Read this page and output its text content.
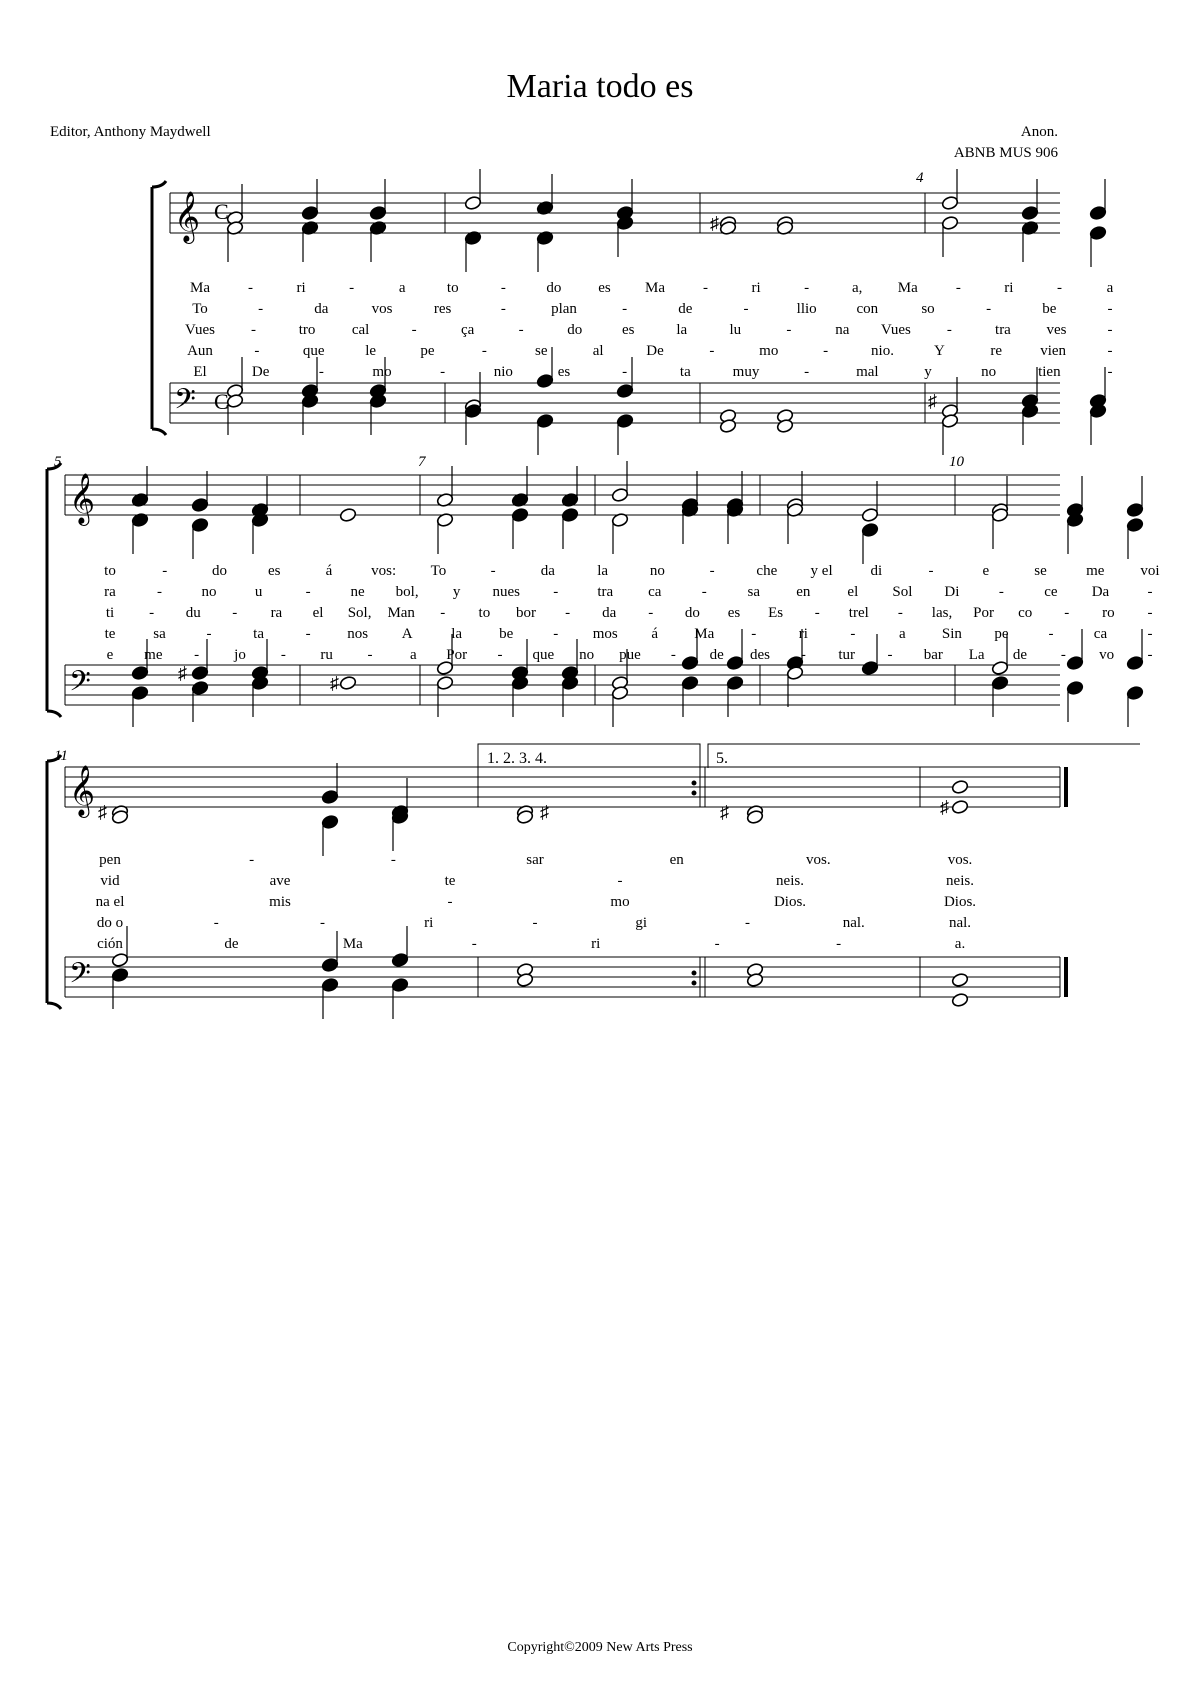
Maria todo es
Editor, Anthony Maydwell	Anon.
ABNB MUS 906
𝄞
𝄢
C
C
𝄞
𝄢
𝄞
𝄢
4
5	7	10
11	1. 2. 3. 4.	5.
♯
♯
♯	♯
♯	♯	♯	♯
Ma	-	ri	-	a	to	-	do es Ma	-	ri	-	a, Ma	-	ri	-	a
To	-	da	vos	res	-	plan	-	de	-	llio	con	so	-	be	-
Vues -	tro cal	-	ça	-	do	es	la	lu	-	na Vues -	tra ves	-
Aun	-	que	le	pe	-	se	al	De	-	mo	-	nio.	Y	re	vien	-
El	De	-	mo	-	nio	es	-	ta	muy	-	mal	y	no	tien	-
to	-	do	es	á	vos: To	-	da	la	no	-	che y el	di	-	e	se	me voi
ra	-	no	u	-	ne bol, y nues -	tra ca	-	sa en el Sol Di	-	ce Da	-
ti - du - ra el Sol, Man - to bor - da - do es Es - trel - las, Por co - ro -
te	sa	-	ta	- nos A	la be	- mos á Ma -	ri	-	a Sin pe	-	ca	-
e me - jo - ru - a Por - que no pue - de des - tur - bar La de - vo -
pen	-	-	sar	en	vos.	vos.
vid	ave	te	-	neis.	neis.
na el	mis	-	mo	Dios.	Dios.
do o	-	-	ri	-	gi	-	nal.	nal.
ción	de	Ma	-	ri	-	-	a.
Copyright©2009 New Arts Press
